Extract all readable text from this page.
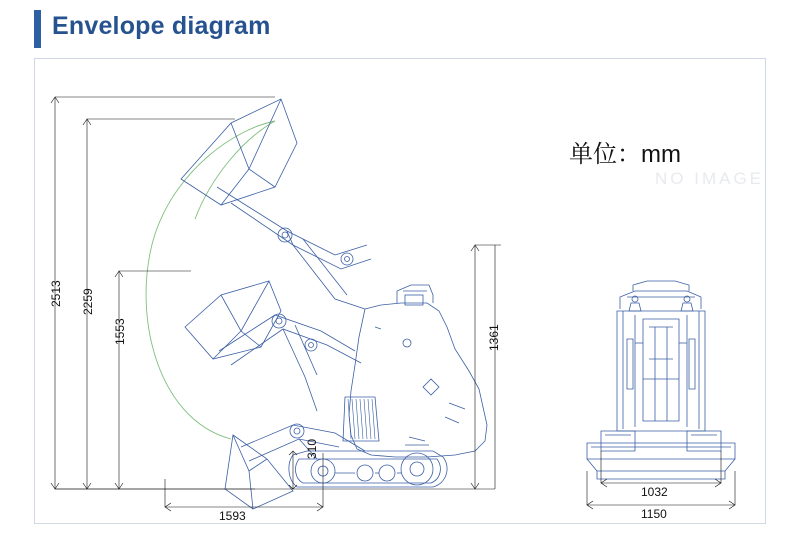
Envelope diagram
单位：mm
NO IMAGE
2513 2259
1553	1361
310
1593
1032
1150
